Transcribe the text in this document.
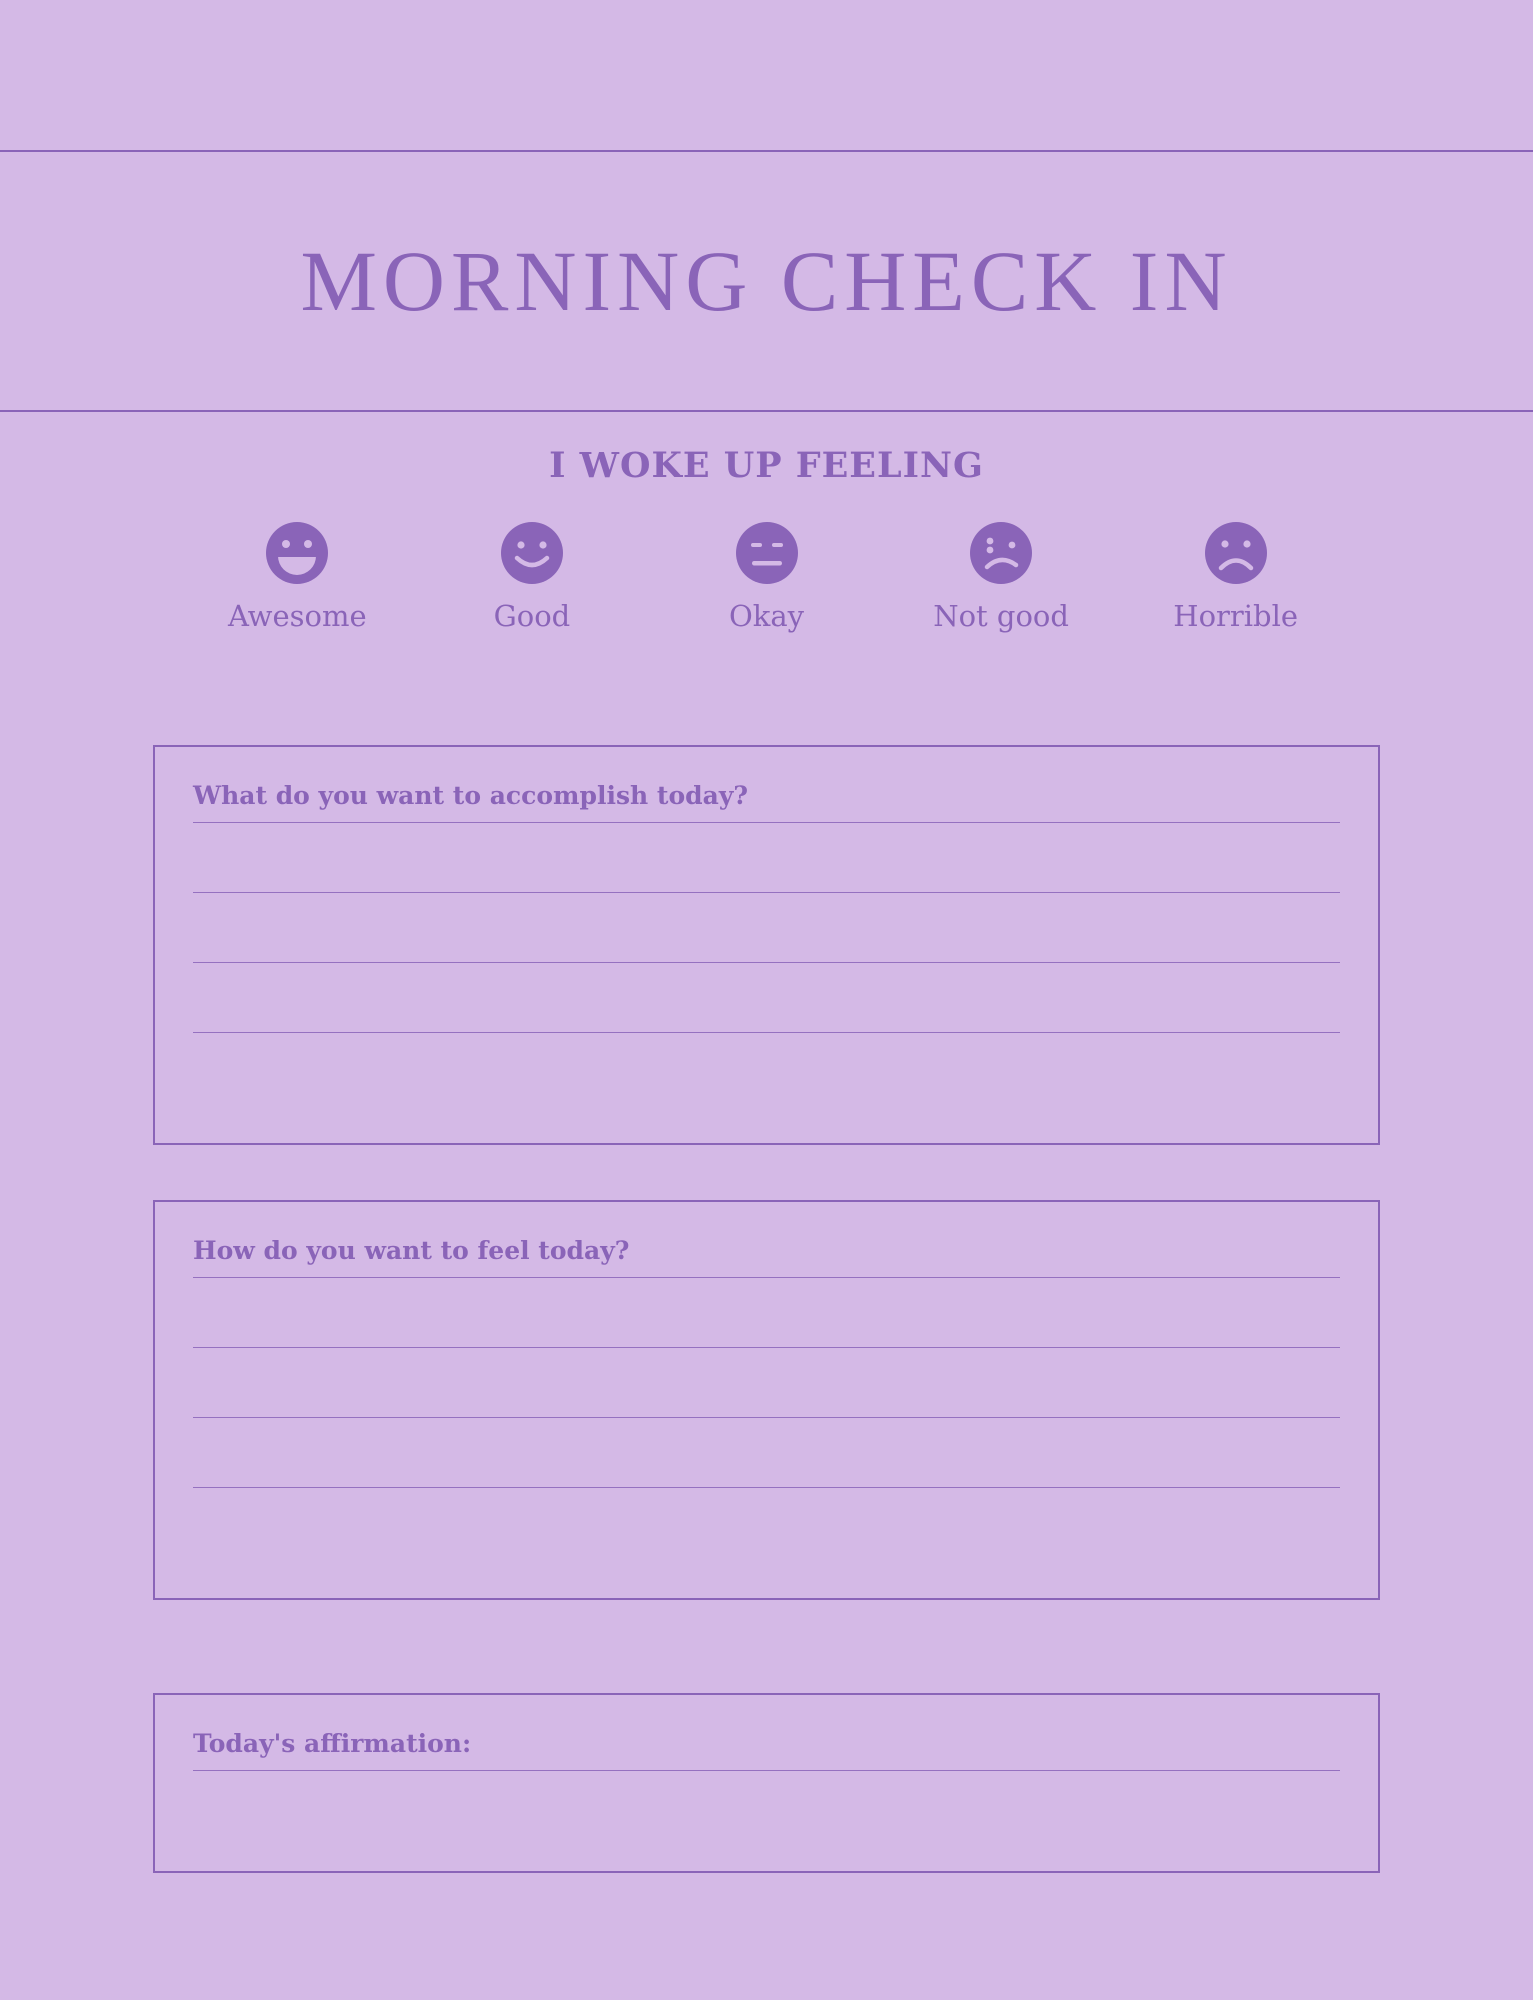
MORNING CHECK IN
I WOKE UP FEELING
Awesome	Good	Okay	Not good	Horrible
What do you want to accomplish today?
How do you want to feel today?
Today's affirmation:
